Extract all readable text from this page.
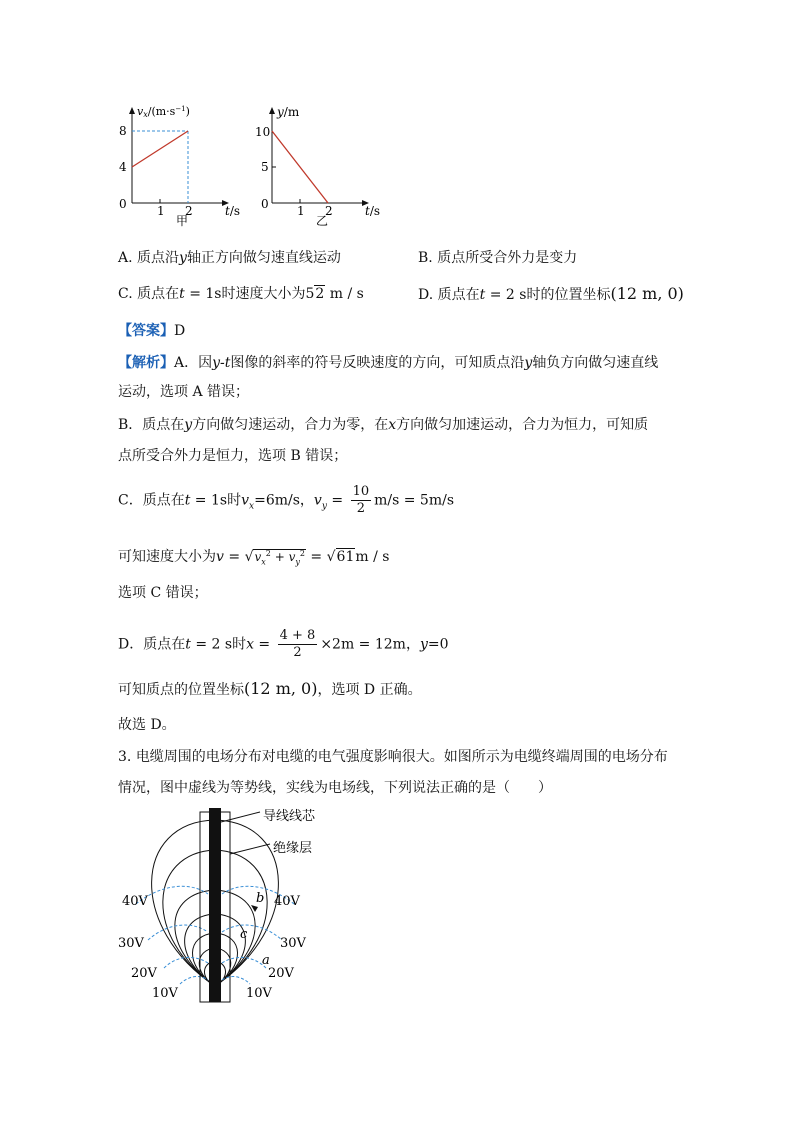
$vx/(m\cdot s^{-1})$
8
4
0	1 2	t/s
甲
y/m
10
5
0 1 2	t/s
乙
A. 质点沿y轴正方向做匀速直线运动	B. 质点所受合外力是变力
C. 质点在t = 1s时速度大小为52 m / s	D. 质点在t = 2 s时的位置坐标(12 m, 0)
【答案】D
【解析】A．因y-t图像的斜率的符号反映速度的方向，可知质点沿y轴负方向做匀速直线
运动，选项 A 错误；
B．质点在y方向做匀速运动，合力为零，在x方向做匀加速运动，合力为恒力，可知质
点所受合外力是恒力，选项 B 错误；
C．质点在t = 1s时$v_x=6m/s$，$v_y = \frac{10}{2} m/s = 5m/s$
可知速度大小为$v = √v_x^2 + v_y^2 = √61m / s$
选项 C 错误；
D．质点在t = 2 s时$x = \frac{4 + 8}{2} \times 2m = 12m$，y=0
可知质点的位置坐标(12 m, 0)，选项 D 正确。
故选 D。
3. 电缆周围的电场分布对电缆的电气强度影响很大。如图所示为电缆终端周围的电场分布
情况，图中虚线为等势线，实线为电场线，下列说法正确的是（　　）
导线线芯
绝缘层
40V
30V
20V
10V
40V
30V
20V
10V
a
b
c
